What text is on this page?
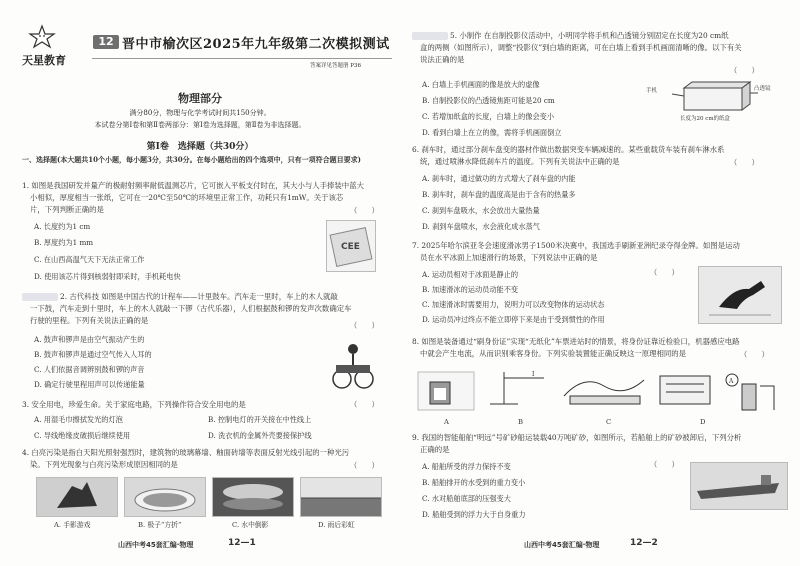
天星教育
12 晋中市榆次区2025年九年级第二次模拟测试
答案详见答题册 P36
物理部分
满分80分，物理与化学考试时间共150分钟。
本试卷分第Ⅰ卷和第Ⅱ卷两部分：第Ⅰ卷为选择题，第Ⅱ卷为非选择题。
第Ⅰ卷　选择题（共30分）
一、选择题(本大题共10个小题，每小题3分，共30分。在每小题给出的四个选项中，只有一项符合题目要求)
1. 如图是我国研发并量产的极耐射频率耐低温测芯片，它可嵌入平板支付时在，其大小与人手捧装中蓝大
小相似，厚度相当一张纸，它可在一20℃至50℃的环境里正常工作，功耗只有1mW。关于该芯
片，下列判断正确的是	（　　）
A. 长度约为1 cm
B. 厚度约为1 mm
C. 在山西高温气天下无法正常工作
D. 使用该芯片得到核弱射即采时，手机耗电快
CEE
2. 古代科技 如图是中国古代的计程车——计里鼓车。汽车走一里时，车上的木人就敲
一下鼓，汽车走到十里时，车上的木人就敲一下锣（古代乐器），人们根据鼓和锣的发声次数确定车
行驶的里程。下列有关说法正确的是
（　　）
A. 鼓声和锣声是由空气振动产生的
B. 鼓声和锣声是通过空气传入人耳的
C. 人们依据音调辨别鼓和锣的声音
D. 确定行驶里程用声可以传递能量
3. 安全用电，珍爱生命。关于家庭电路，下列操作符合安全用电的是	（　　）
A. 用湿毛巾擦拭发光的灯泡	B. 控制电灯的开关接在中性线上
C. 导线绝缘皮破损后继续使用	D. 洗衣机的金属外壳要接保护线
4. 白亮污染是指白天阳光照射强烈时，建筑物的玻璃幕墙、釉面砖墙等表面反射光线引起的一种光污
染。下列光现象与白亮污染形成原因相同的是	（　　）
A. 手影游戏	B. 极子“方折”	C. 水中倒影	D. 雨后彩虹
山西中考45套汇编·物理	12—1
5. 小制作 在自制投影仪活动中，小明同学将手机和凸透镜分别固定在长度为20 cm纸
盒的两侧（如图所示），调整“投影仪”到白墙的距离，可在白墙上看到手机画面清晰的像。以下有关
说法正确的是
（　　）
A. 白墙上手机画面的像是放大的虚像
B. 自制投影仪的凸透镜焦距可能是20 cm
C. 若增加纸盒的长度，白墙上的像会变小
D. 看到白墙上在立的像，需将手机画面倒立
手机	凸透镜
长度为20 cm的纸盒
6. 刹车时，通过部分刹车盘变的器材作做出数据突变车辆减速的。某些重载货车装有刹车淋水系
统，通过喷淋水降低刹车片的温度。下列有关说法中正确的是	（　　）
A. 刹车时，通过做功的方式增大了刹车盘的内能
B. 刹车时，刹车盘的温度高是由于含有的热量多
C. 刹到车盘吸水，水会放出大量热量
D. 刹到车盘喷水，水会液化成水蒸气
7. 2025年哈尔滨亚冬会速度滑冰男子1500米决赛中，我国选手刷新亚洲纪录夺得金牌。如图是运动
员在水平冰面上加速滑行的场景，下列说法中正确的是
（　　）
A. 运动员相对于冰面是静止的
B. 加速滑冰的运动员动能不变
C. 加速滑冰时需要用力，说明力可以改变物体的运动状态
D. 运动员冲过终点不能立即停下来是由于受到惯性的作用
8. 如图是装备通过“刷身份证”实现“无纸化”车票进站时的情景，将身份证靠近检验口，机器感应电路
中就会产生电流，从而识别乘客身份。下列实验装置能正确反映这一原理相同的是	（　　）
I
A
A	B	C	D
9. 我国的智能船舶“明远”号矿砂船运装载40万吨矿砂，如图所示，若船舶上的矿砂被卸后，下列分析
正确的是
（　　）
A. 船舶所受的浮力保持不变
B. 船舶排开的水受到的重力变小
C. 水对船舶底部的压强变大
D. 船舶受到的浮力大于自身重力
山西中考45套汇编·物理	12—2
